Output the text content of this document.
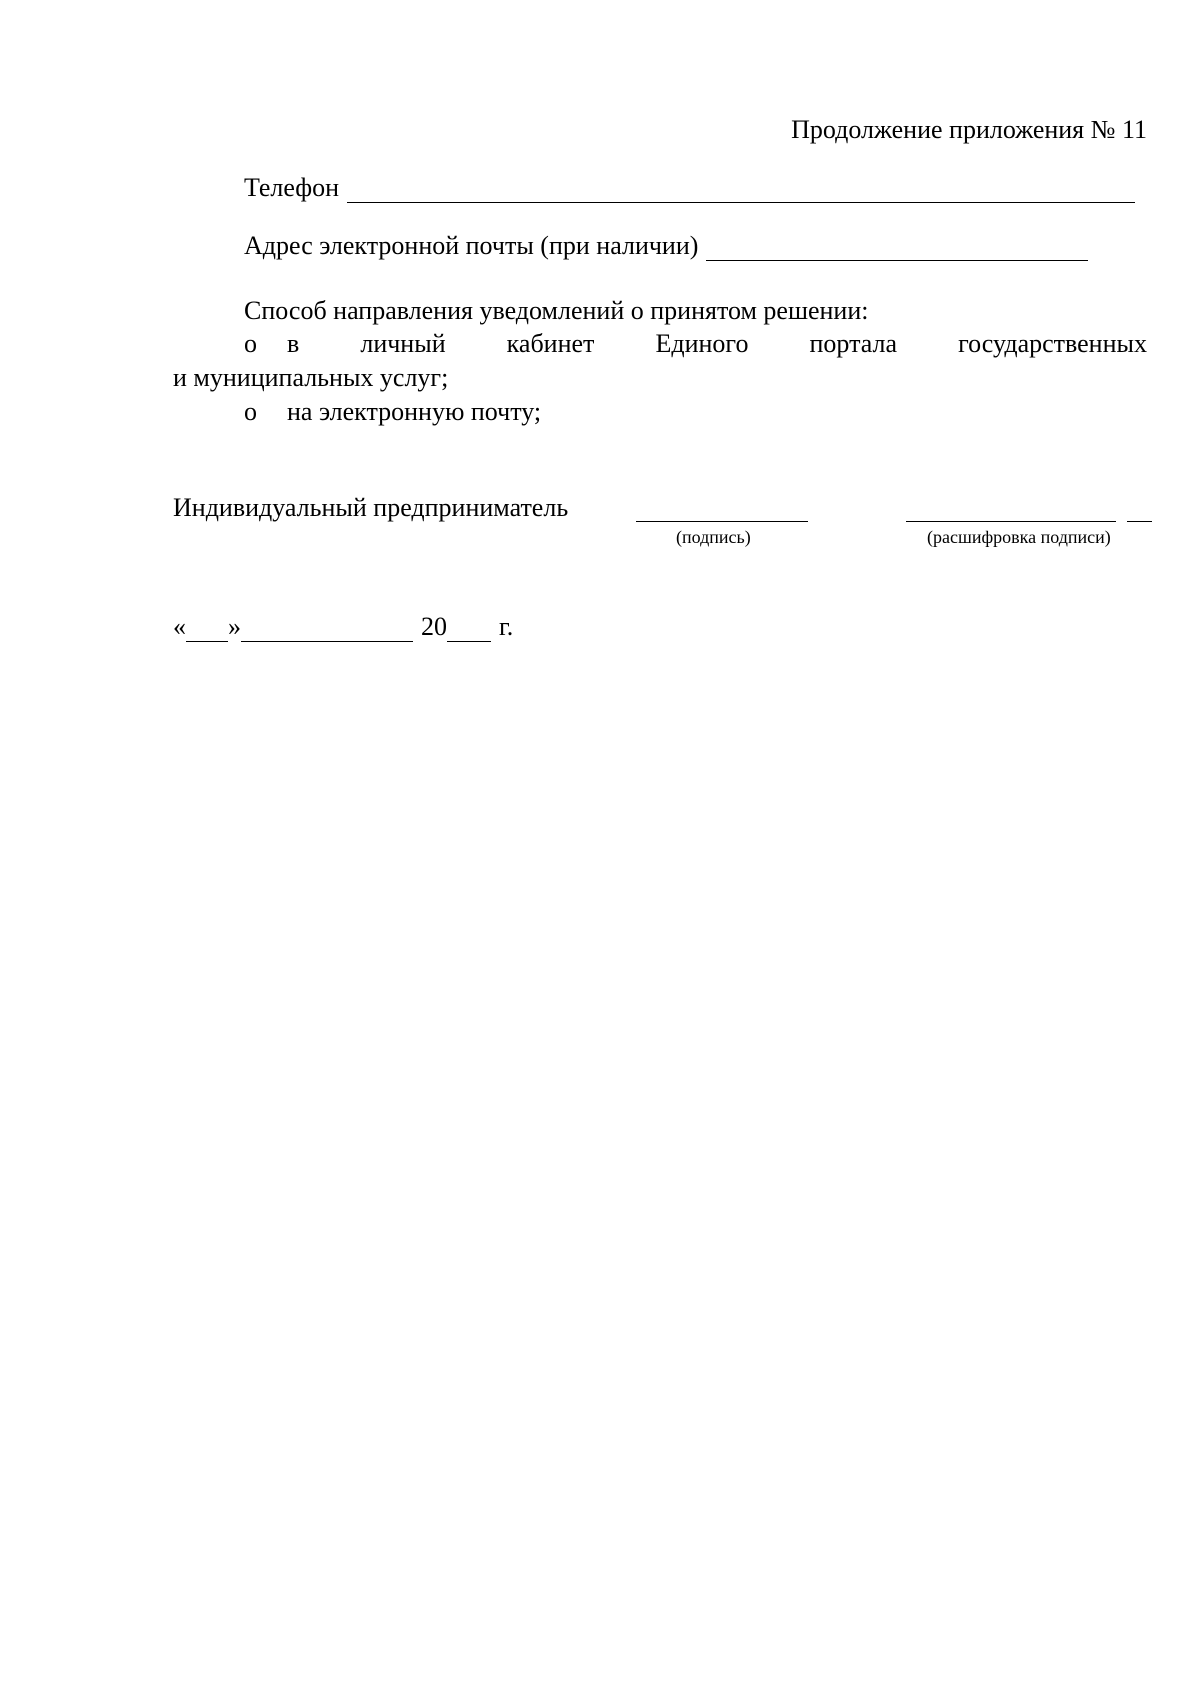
Продолжение приложения № 11
Телефон
Адрес электронной почты (при наличии)
Способ направления уведомлений о принятом решении:
o в личный кабинет Единого портала государственных
и муниципальных услуг;
o на электронную почту;
Индивидуальный предприниматель
(подпись)	(расшифровка подписи)
« »	20 г.
